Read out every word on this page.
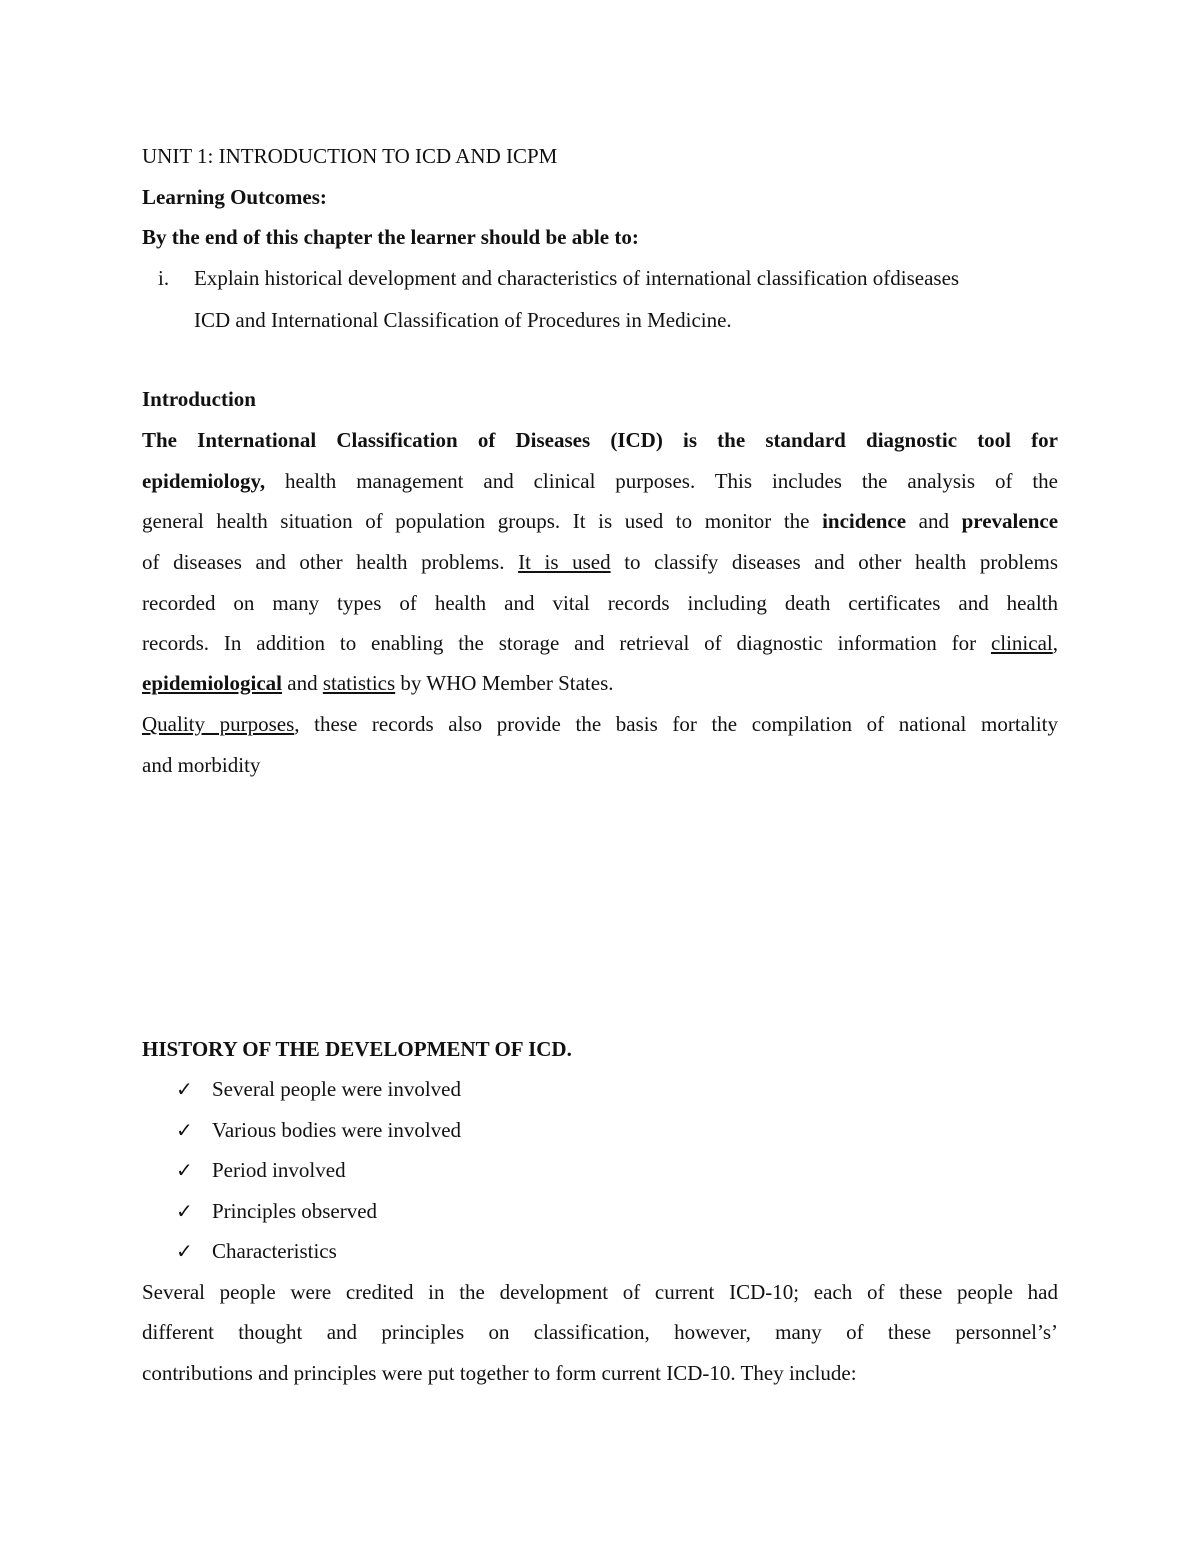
UNIT 1: INTRODUCTION TO ICD AND ICPM
Learning Outcomes:
By the end of this chapter the learner should be able to:
i. Explain historical development and characteristics of international classification ofdiseases
ICD and International Classification of Procedures in Medicine.
Introduction
The International Classification of Diseases (ICD) is the standard diagnostic tool for
epidemiology, health management and clinical purposes. This includes the analysis of the
general health situation of population groups. It is used to monitor the incidence and prevalence
of diseases and other health problems. It is used to classify diseases and other health problems
recorded on many types of health and vital records including death certificates and health
records. In addition to enabling the storage and retrieval of diagnostic information for clinical,
epidemiological and statistics by WHO Member States.
Quality purposes, these records also provide the basis for the compilation of national mortality
and morbidity
HISTORY OF THE DEVELOPMENT OF ICD.
✓ Several people were involved
✓ Various bodies were involved
✓ Period involved
✓ Principles observed
✓ Characteristics
Several people were credited in the development of current ICD-10; each of these people had
different thought and principles on classification, however, many of these personnel’s’
contributions and principles were put together to form current ICD-10. They include:
